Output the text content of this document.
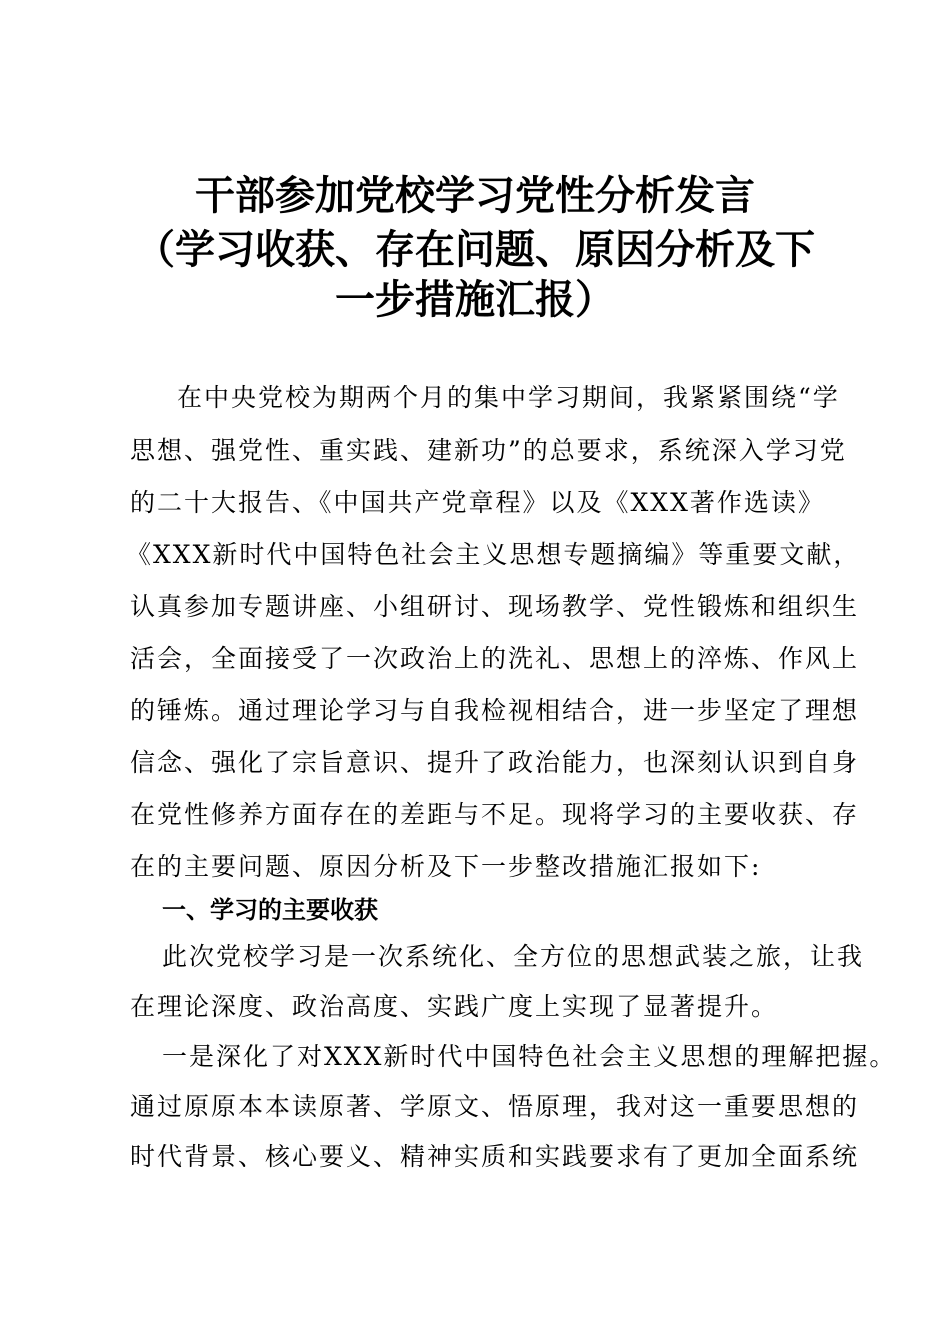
干部参加党校学习党性分析发言
（学习收获、存在问题、原因分析及下
一步措施汇报）
　在中央党校为期两个月的集中学习期间，我紧紧围绕“学
思想、强党性、重实践、建新功”的总要求，系统深入学习党
的二十大报告、《中国共产党章程》以及《XXX著作选读》
《XXX新时代中国特色社会主义思想专题摘编》等重要文献，
认真参加专题讲座、小组研讨、现场教学、党性锻炼和组织生
活会，全面接受了一次政治上的洗礼、思想上的淬炼、作风上
的锤炼。通过理论学习与自我检视相结合，进一步坚定了理想
信念、强化了宗旨意识、提升了政治能力，也深刻认识到自身
在党性修养方面存在的差距与不足。现将学习的主要收获、存
在的主要问题、原因分析及下一步整改措施汇报如下:
一、学习的主要收获
此次党校学习是一次系统化、全方位的思想武装之旅，让我
在理论深度、政治高度、实践广度上实现了显著提升。
一是深化了对XXX新时代中国特色社会主义思想的理解把握。
通过原原本本读原著、学原文、悟原理，我对这一重要思想的
时代背景、核心要义、精神实质和实践要求有了更加全面系统
